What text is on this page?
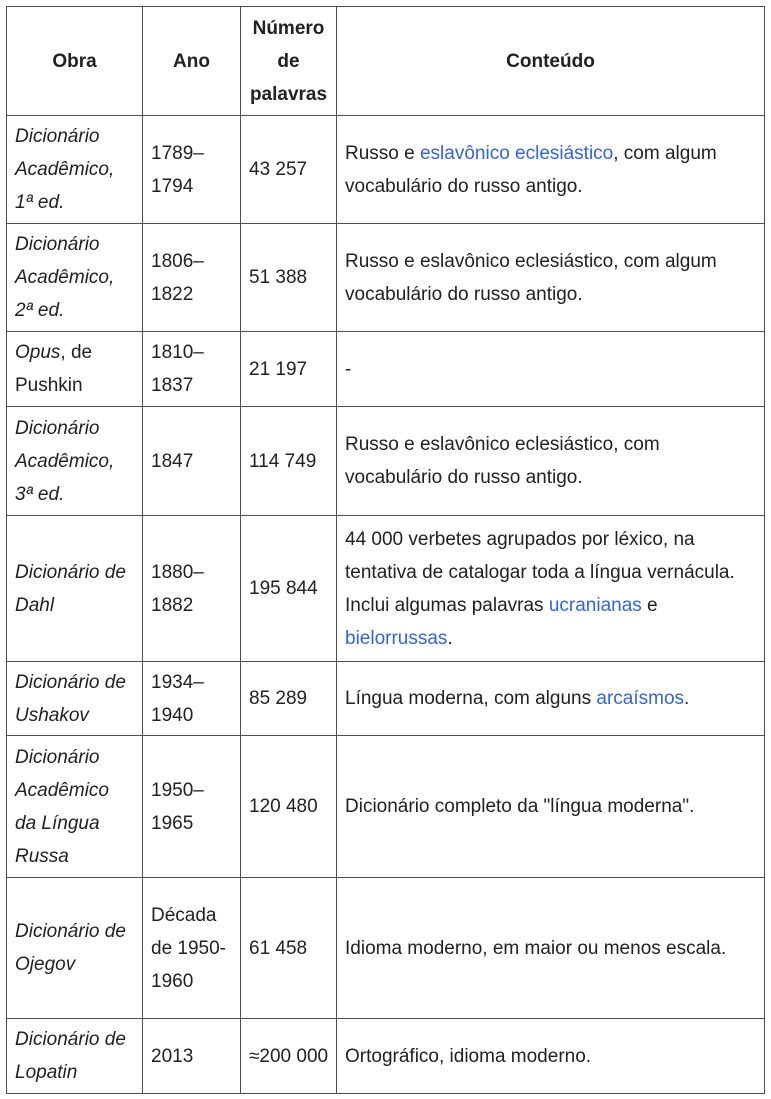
Obra	Ano	Número de palavras	Conteúdo
Dicionário Acadêmico, 1ª ed.	1789–1794	43 257	Russo e eslavônico eclesiástico, com algum vocabulário do russo antigo.
Dicionário Acadêmico, 2ª ed.	1806–1822	51 388	Russo e eslavônico eclesiástico, com algum vocabulário do russo antigo.
Opus, de Pushkin	1810–1837	21 197	-
Dicionário Acadêmico, 3ª ed.	1847	114 749	Russo e eslavônico eclesiástico, com vocabulário do russo antigo.
Dicionário de Dahl	1880–1882	195 844	44 000 verbetes agrupados por léxico, na tentativa de catalogar toda a língua vernácula. Inclui algumas palavras ucranianas e bielorrussas.
Dicionário de Ushakov	1934–1940	85 289	Língua moderna, com alguns arcaísmos.
Dicionário Acadêmico da Língua Russa	1950–1965	120 480	Dicionário completo da "língua moderna".
Dicionário de Ojegov	Década de 1950-1960	61 458	Idioma moderno, em maior ou menos escala.
Dicionário de Lopatin	2013	≈200 000	Ortográfico, idioma moderno.
